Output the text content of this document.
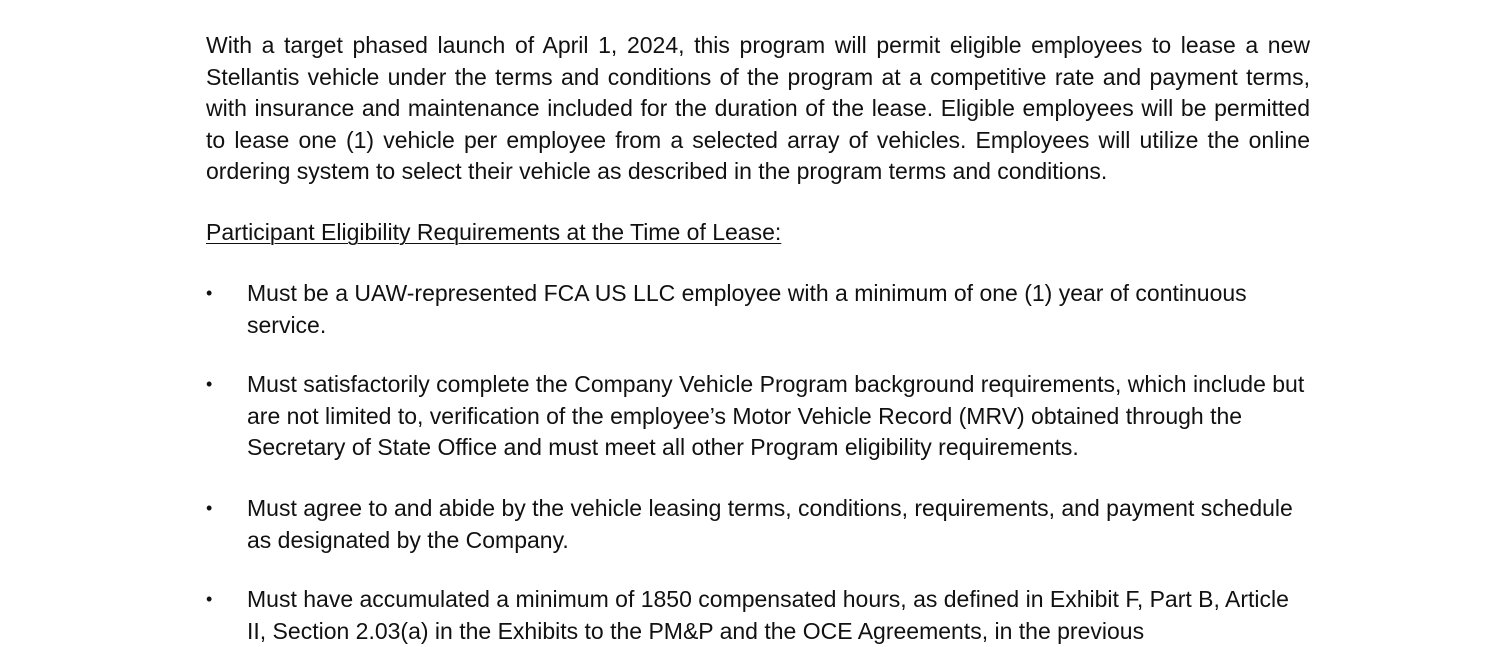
With a target phased launch of April 1, 2024, this program will permit eligible employees to lease a new Stellantis vehicle under the terms and conditions of the program at a competitive rate and payment terms, with insurance and maintenance included for the duration of the lease. Eligible employees will be permitted to lease one (1) vehicle per employee from a selected array of vehicles. Employees will utilize the online ordering system to select their vehicle as described in the program terms and conditions.

Participant Eligibility Requirements at the Time of Lease:

•	Must be a UAW-represented FCA US LLC employee with a minimum of one (1) year of continuous service.
•	Must satisfactorily complete the Company Vehicle Program background requirements, which include but are not limited to, verification of the employee’s Motor Vehicle Record (MRV) obtained through the Secretary of State Office and must meet all other Program eligibility requirements.
•	Must agree to and abide by the vehicle leasing terms, conditions, requirements, and payment schedule as designated by the Company.
•	Must have accumulated a minimum of 1850 compensated hours, as defined in Exhibit F, Part B, Article II, Section 2.03(a) in the Exhibits to the PM&P and the OCE Agreements, in the previous
